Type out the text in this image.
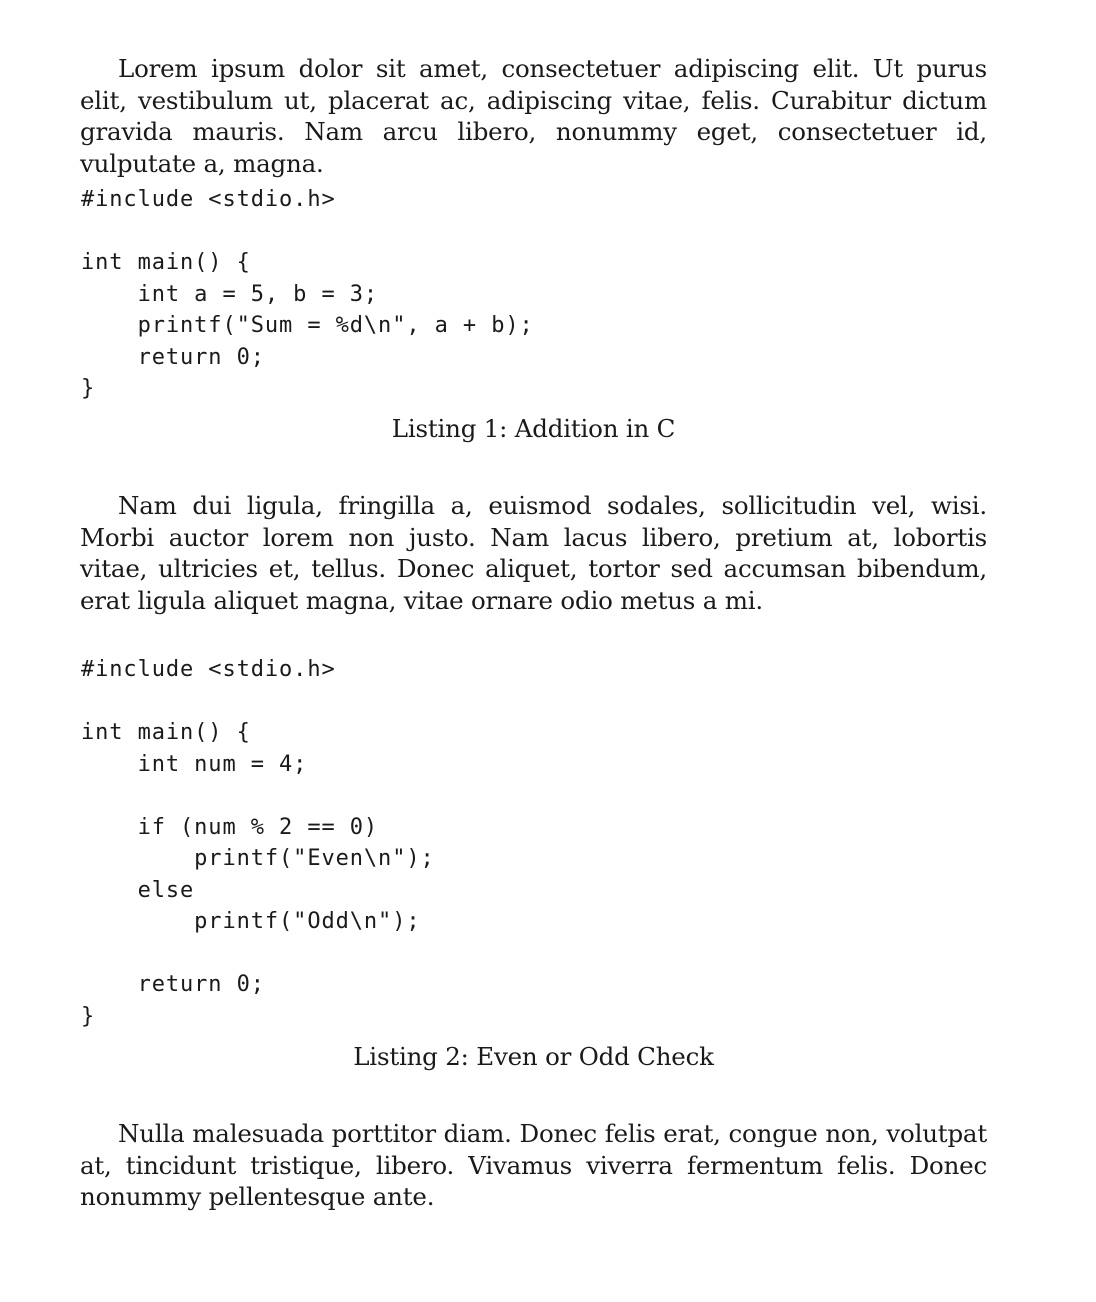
Lorem ipsum dolor sit amet, consectetuer adipiscing elit. Ut purus elit, vestibulum ut, placerat ac, adipiscing vitae, felis. Curabitur dictum gravida mauris. Nam arcu libero, nonummy eget, consectetuer id, vulputate a, magna.

#include <stdio.h>

int main() {
int a = 5, b = 3;
printf("Sum = %d\n", a + b);
return 0;
}
Listing 1: Addition in C

Nam dui ligula, fringilla a, euismod sodales, sollicitudin vel, wisi. Morbi auctor lorem non justo. Nam lacus libero, pretium at, lobortis vitae, ultricies et, tellus. Donec aliquet, tortor sed accumsan bibendum, erat ligula aliquet magna, vitae ornare odio metus a mi.

#include <stdio.h>

int main() {
int num = 4;

if (num % 2 == 0)
printf("Even\n");
else
printf("Odd\n");

return 0;
}
Listing 2: Even or Odd Check

Nulla malesuada porttitor diam. Donec felis erat, congue non, volutpat at, tincidunt tristique, libero. Vivamus viverra fermentum felis. Donec nonummy pellentesque ante.
